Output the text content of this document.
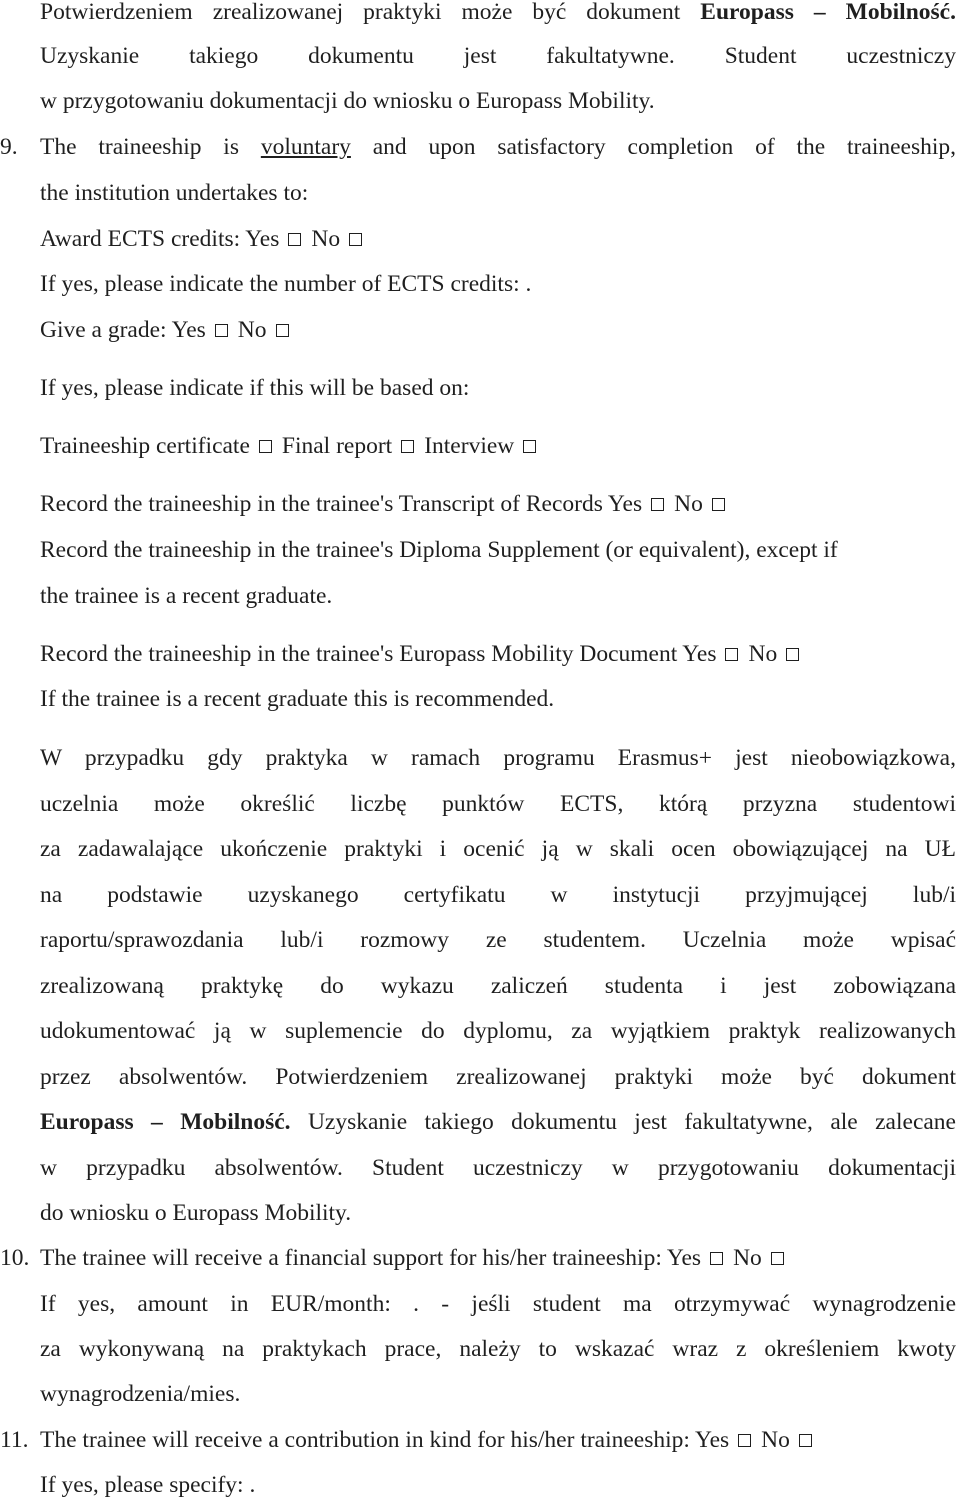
Potwierdzeniem zrealizowanej praktyki może być dokument Europass – Mobilność.
Uzyskanie takiego dokumentu jest fakultatywne. Student uczestniczy
w przygotowaniu dokumentacji do wniosku o Europass Mobility.
9. The traineeship is voluntary and upon satisfactory completion of the traineeship,
the institution undertakes to:
Award ECTS credits: Yes No
If yes, please indicate the number of ECTS credits: .
Give a grade: Yes No
If yes, please indicate if this will be based on:
Traineeship certificate Final report Interview
Record the traineeship in the trainee's Transcript of Records Yes No
Record the traineeship in the trainee's Diploma Supplement (or equivalent), except if
the trainee is a recent graduate.
Record the traineeship in the trainee's Europass Mobility Document Yes No
If the trainee is a recent graduate this is recommended.
W przypadku gdy praktyka w ramach programu Erasmus+ jest nieobowiązkowa,
uczelnia może określić liczbę punktów ECTS, którą przyzna studentowi
za zadawalające ukończenie praktyki i ocenić ją w skali ocen obowiązującej na UŁ
na podstawie uzyskanego certyfikatu w instytucji przyjmującej lub/i
raportu/sprawozdania lub/i rozmowy ze studentem. Uczelnia może wpisać
zrealizowaną praktykę do wykazu zaliczeń studenta i jest zobowiązana
udokumentować ją w suplemencie do dyplomu, za wyjątkiem praktyk realizowanych
przez absolwentów. Potwierdzeniem zrealizowanej praktyki może być dokument
Europass – Mobilność. Uzyskanie takiego dokumentu jest fakultatywne, ale zalecane
w przypadku absolwentów. Student uczestniczy w przygotowaniu dokumentacji
do wniosku o Europass Mobility.
10. The trainee will receive a financial support for his/her traineeship: Yes No
If yes, amount in EUR/month: . - jeśli student ma otrzymywać wynagrodzenie
za wykonywaną na praktykach prace, należy to wskazać wraz z określeniem kwoty
wynagrodzenia/mies.
11. The trainee will receive a contribution in kind for his/her traineeship: Yes No
If yes, please specify: .
